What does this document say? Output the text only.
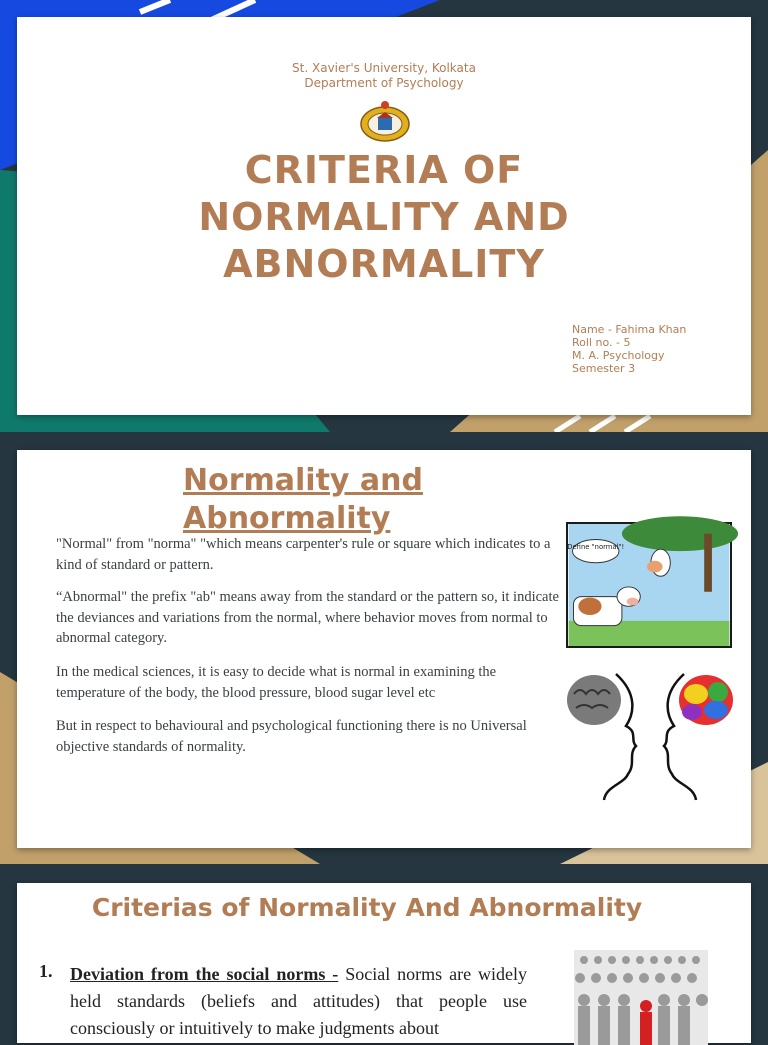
St. Xavier's University, Kolkata
Department of Psychology
CRITERIA OF
NORMALITY AND
ABNORMALITY
Name - Fahima Khan
Roll no. - 5
M. A. Psychology
Semester 3
Normality and
Abnormality
"Normal" from "norma" "which means carpenter's rule or square which indicates to a kind of standard or pattern.
“Abnormal" the prefix "ab" means away from the standard or the pattern so, it indicate the deviances and variations from the normal, where behavior moves from normal to abnormal category.
In the medical sciences, it is easy to decide what is normal in examining the temperature of the body, the blood pressure, blood sugar level etc
But in respect to behavioural and psychological functioning there is no Universal objective standards of normality.
Define "normal"!
Criterias of Normality And Abnormality
1. Deviation from the social norms - Social norms are widely held standards (beliefs and attitudes) that people use consciously or intuitively to make judgments about
